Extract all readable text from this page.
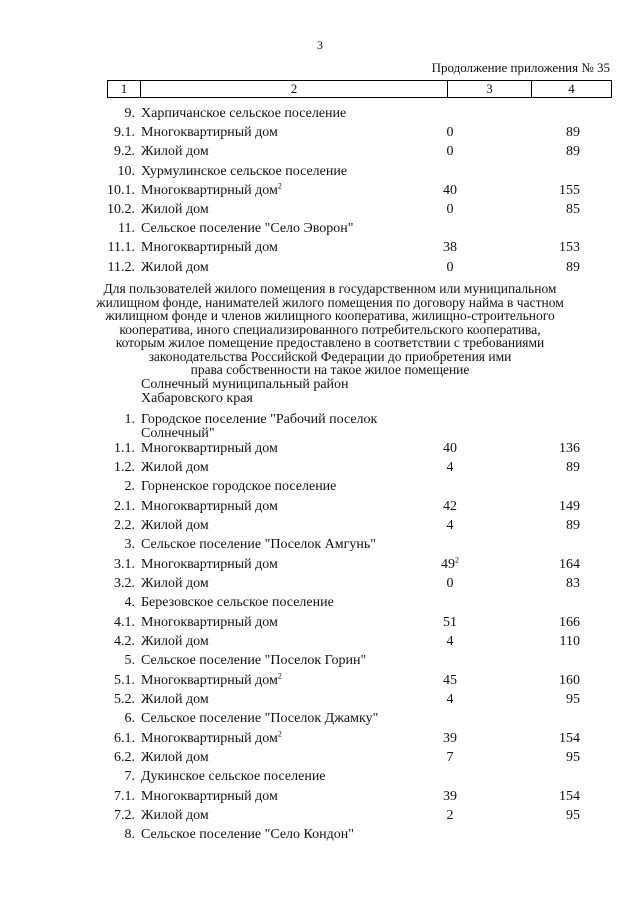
3
Продолжение приложения № 35
1	2	3	4
9. Харпичанское сельское поселение
9.1. Многоквартирный дом	0	89
9.2. Жилой дом	0	89
10. Хурмулинское сельское поселение
10.1. Многоквартирный дом$^2$	40	155
10.2. Жилой дом	0	85
11. Сельское поселение "Село Эворон"
11.1. Многоквартирный дом	38	153
11.2. Жилой дом	0	89
1. Городское поселение "Рабочий поселок
Солнечный"
1.1. Многоквартирный дом	40	136
1.2. Жилой дом	4	89
2. Горненское городское поселение
2.1. Многоквартирный дом	42	149
2.2. Жилой дом	4	89
3. Сельское поселение "Поселок Амгунь"
3.1. Многоквартирный дом	$49^2$	164
3.2. Жилой дом	0	83
4. Березовское сельское поселение
4.1. Многоквартирный дом	51	166
4.2. Жилой дом	4	110
5. Сельское поселение "Поселок Горин"
5.1. Многоквартирный дом$^2$	45	160
5.2. Жилой дом	4	95
6. Сельское поселение "Поселок Джамку"
6.1. Многоквартирный дом$^2$	39	154
6.2. Жилой дом	7	95
7. Дукинское сельское поселение
7.1. Многоквартирный дом	39	154
7.2. Жилой дом	2	95
8. Сельское поселение "Село Кондон"
Для пользователей жилого помещения в государственном или муниципальном
жилищном фонде, нанимателей жилого помещения по договору найма в частном
жилищном фонде и членов жилищного кооператива, жилищно-строительного
кооператива, иного специализированного потребительского кооператива,
которым жилое помещение предоставлено в соответствии с требованиями
законодательства Российской Федерации до приобретения ими
права собственности на такое жилое помещение
Солнечный муниципальный район
Хабаровского края
